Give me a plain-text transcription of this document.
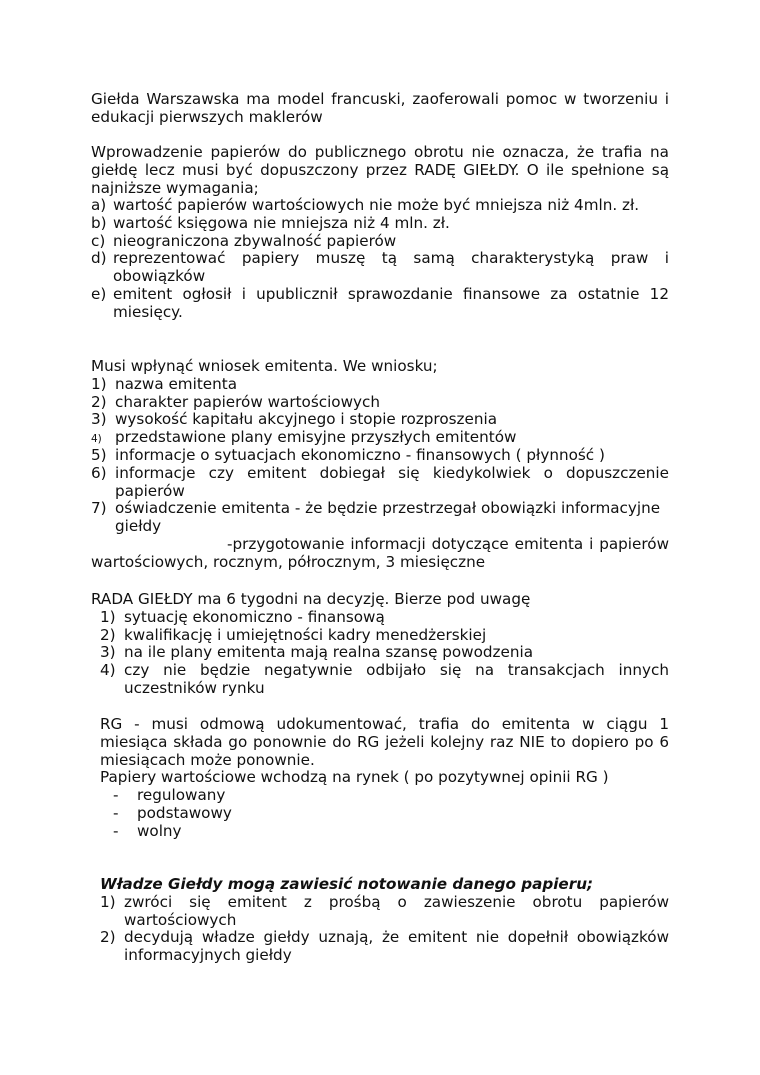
Giełda Warszawska ma model francuski, zaoferowali pomoc w tworzeniu i

edukacji pierwszych maklerów

Wprowadzenie papierów do publicznego obrotu nie oznacza, że trafia na giełdę lecz musi być dopuszczony przez RADĘ GIEŁDY. O ile spełnione są najniższe wymagania;

a) wartość papierów wartościowych nie może być mniejsza niż 4mln. zł.

b) wartość księgowa nie mniejsza niż 4 mln. zł.

c) nieograniczona zbywalność papierów

d) reprezentować papiery muszę tą samą charakterystyką praw i obowiązków

e) emitent ogłosił i upublicznił sprawozdanie finansowe za ostatnie 12 miesięcy.

Musi wpłynąć wniosek emitenta. We wniosku;

1) nazwa emitenta

2) charakter papierów wartościowych

3) wysokość kapitału akcyjnego i stopie rozproszenia

4) przedstawione plany emisyjne przyszłych emitentów

5) informacje o sytuacjach ekonomiczno - finansowych ( płynność )

6) informacje czy emitent dobiegał się kiedykolwiek o dopuszczenie papierów

7) oświadczenie emitenta - że będzie przestrzegał obowiązki informacyjne giełdy

-przygotowanie informacji dotyczące emitenta i papierów

wartościowych, rocznym, półrocznym, 3 miesięczne

RADA GIEŁDY ma 6 tygodni na decyzję. Bierze pod uwagę

1) sytuację ekonomiczno - finansową

2) kwalifikację i umiejętności kadry menedżerskiej

3) na ile plany emitenta mają realna szansę powodzenia

4) czy nie będzie negatywnie odbijało się na transakcjach innych uczestników rynku

RG - musi odmową udokumentować, trafia do emitenta w ciągu 1 miesiąca składa go ponownie do RG jeżeli kolejny raz NIE to dopiero po 6 miesiącach może ponownie.

Papiery wartościowe wchodzą na rynek ( po pozytywnej opinii RG )

- regulowany

- podstawowy

- wolny

Władze Giełdy mogą zawiesić notowanie danego papieru;

1) zwróci się emitent z prośbą o zawieszenie obrotu papierów wartościowych

2) decydują władze giełdy uznają, że emitent nie dopełnił obowiązków informacyjnych giełdy
